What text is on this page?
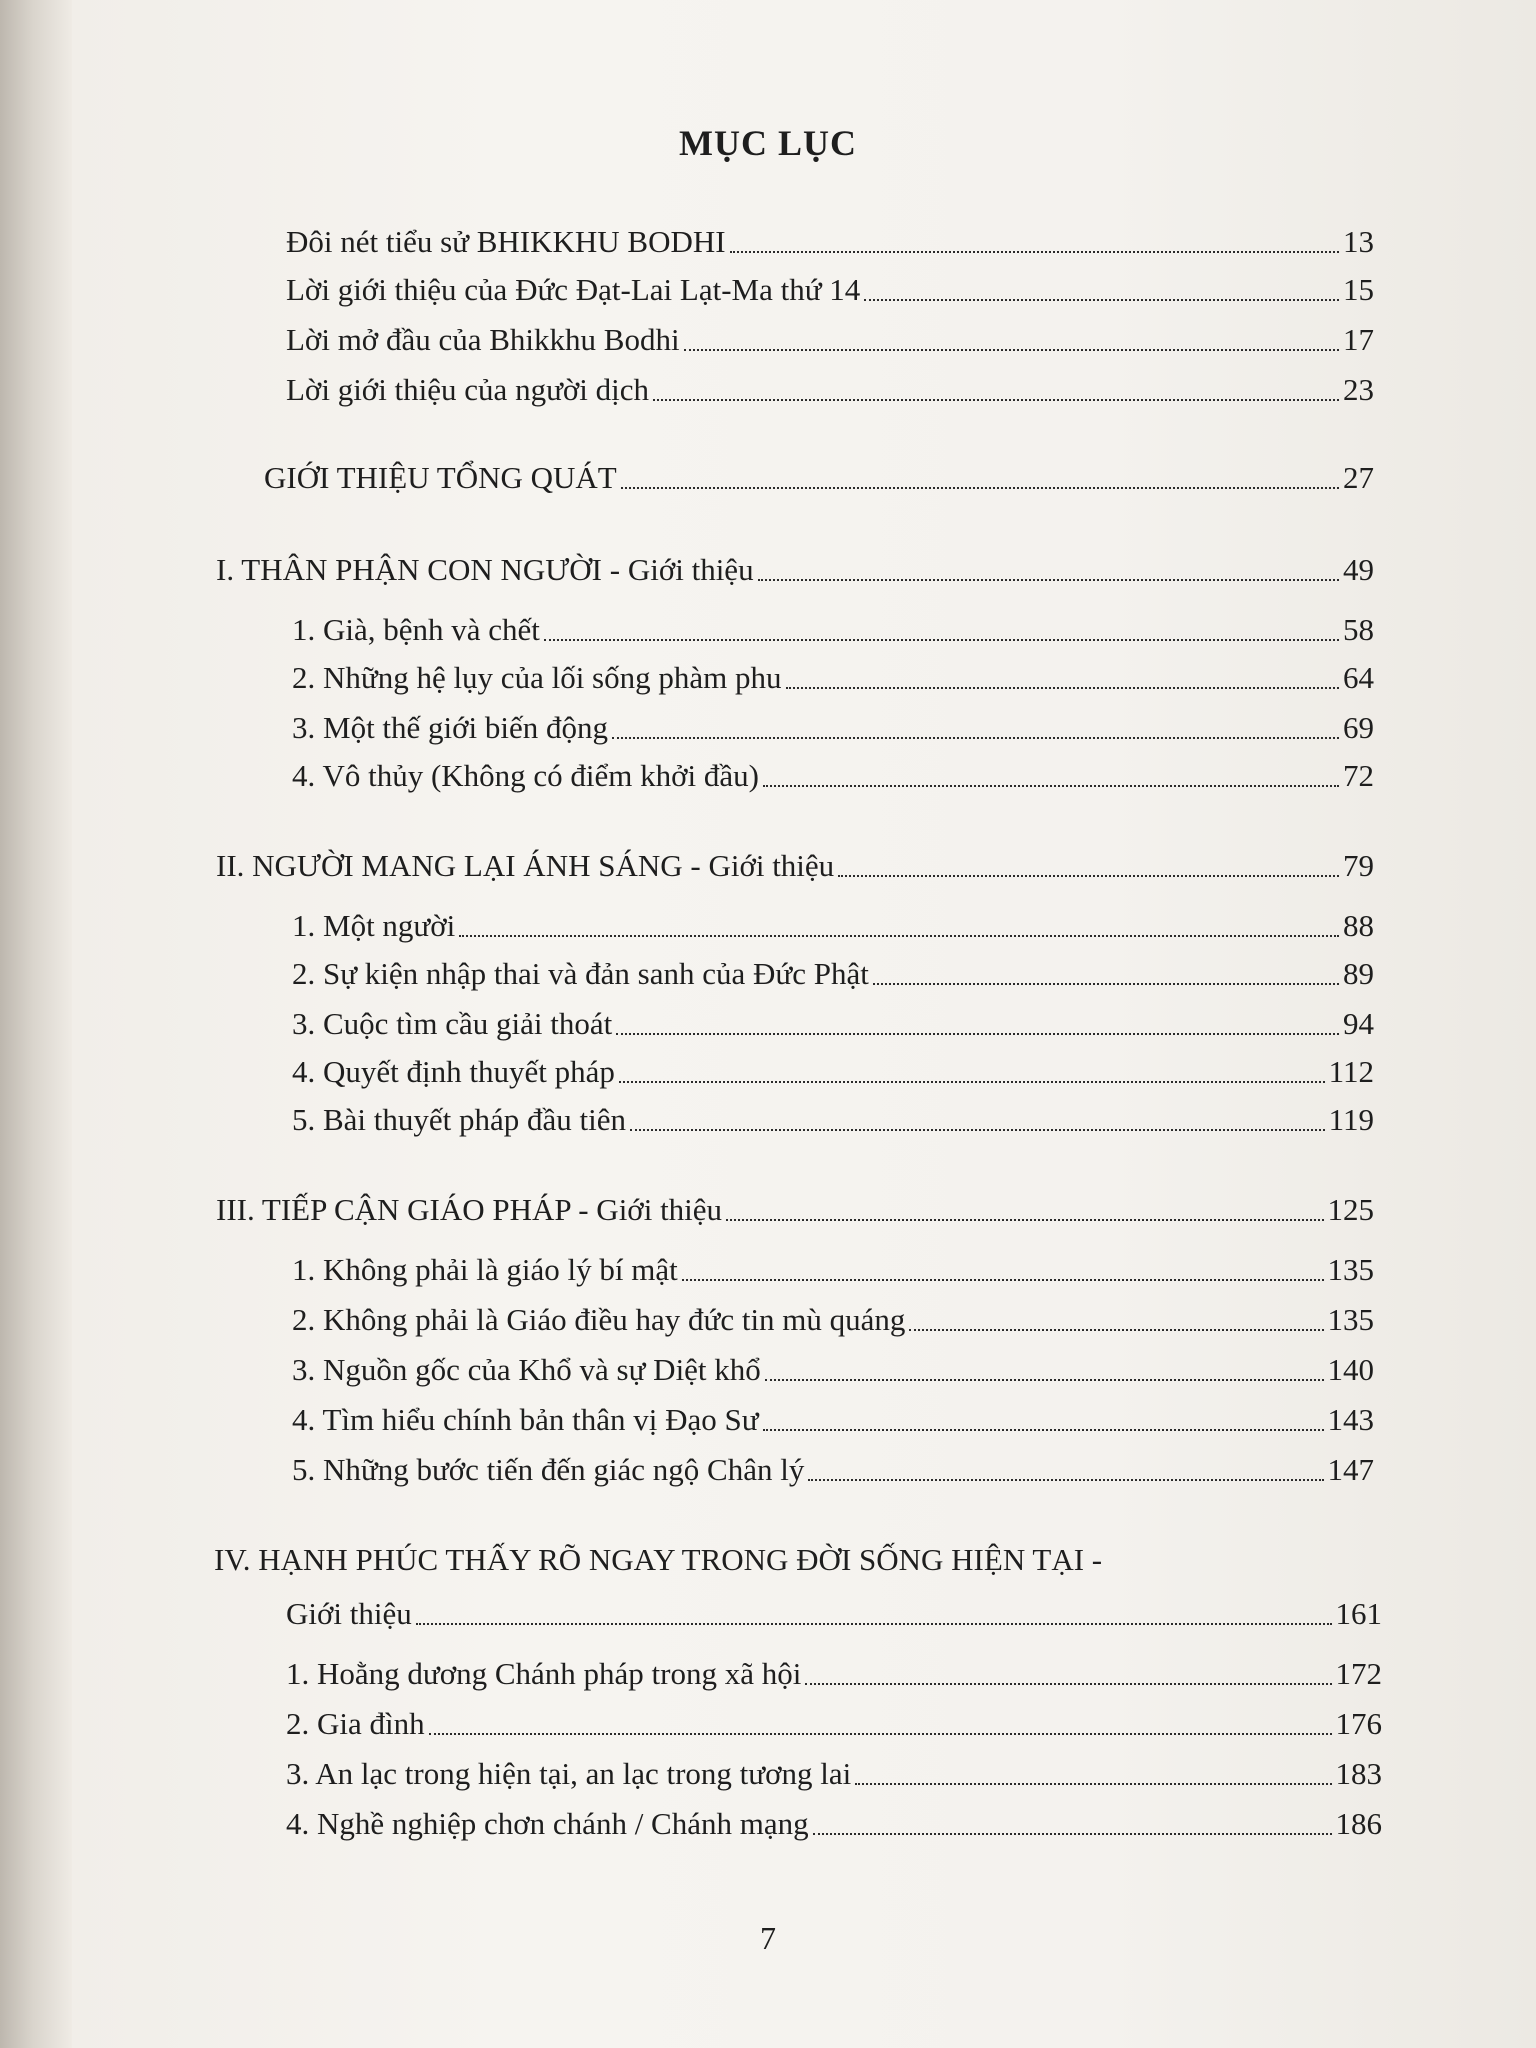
MỤC LỤC
Đôi nét tiểu sử BHIKKHU BODHI	13
Lời giới thiệu của Đức Đạt-Lai Lạt-Ma thứ 14	15
Lời mở đầu của Bhikkhu Bodhi	17
Lời giới thiệu của người dịch	23
GIỚI THIỆU TỔNG QUÁT	27
I. THÂN PHẬN CON NGƯỜI - Giới thiệu	49
1. Già, bệnh và chết	58
2. Những hệ lụy của lối sống phàm phu	64
3. Một thế giới biến động	69
4. Vô thủy (Không có điểm khởi đầu)	72
II. NGƯỜI MANG LẠI ÁNH SÁNG - Giới thiệu	79
1. Một người	88
2. Sự kiện nhập thai và đản sanh của Đức Phật	89
3. Cuộc tìm cầu giải thoát	94
4. Quyết định thuyết pháp	112
5. Bài thuyết pháp đầu tiên	119
III. TIẾP CẬN GIÁO PHÁP - Giới thiệu	125
1. Không phải là giáo lý bí mật	135
2. Không phải là Giáo điều hay đức tin mù quáng	135
3. Nguồn gốc của Khổ và sự Diệt khổ	140
4. Tìm hiểu chính bản thân vị Đạo Sư	143
5. Những bước tiến đến giác ngộ Chân lý	147
IV. HẠNH PHÚC THẤY RÕ NGAY TRONG ĐỜI SỐNG HIỆN TẠI -
Giới thiệu	161
1. Hoằng dương Chánh pháp trong xã hội	172
2. Gia đình	176
3. An lạc trong hiện tại, an lạc trong tương lai	183
4. Nghề nghiệp chơn chánh / Chánh mạng	186
7
